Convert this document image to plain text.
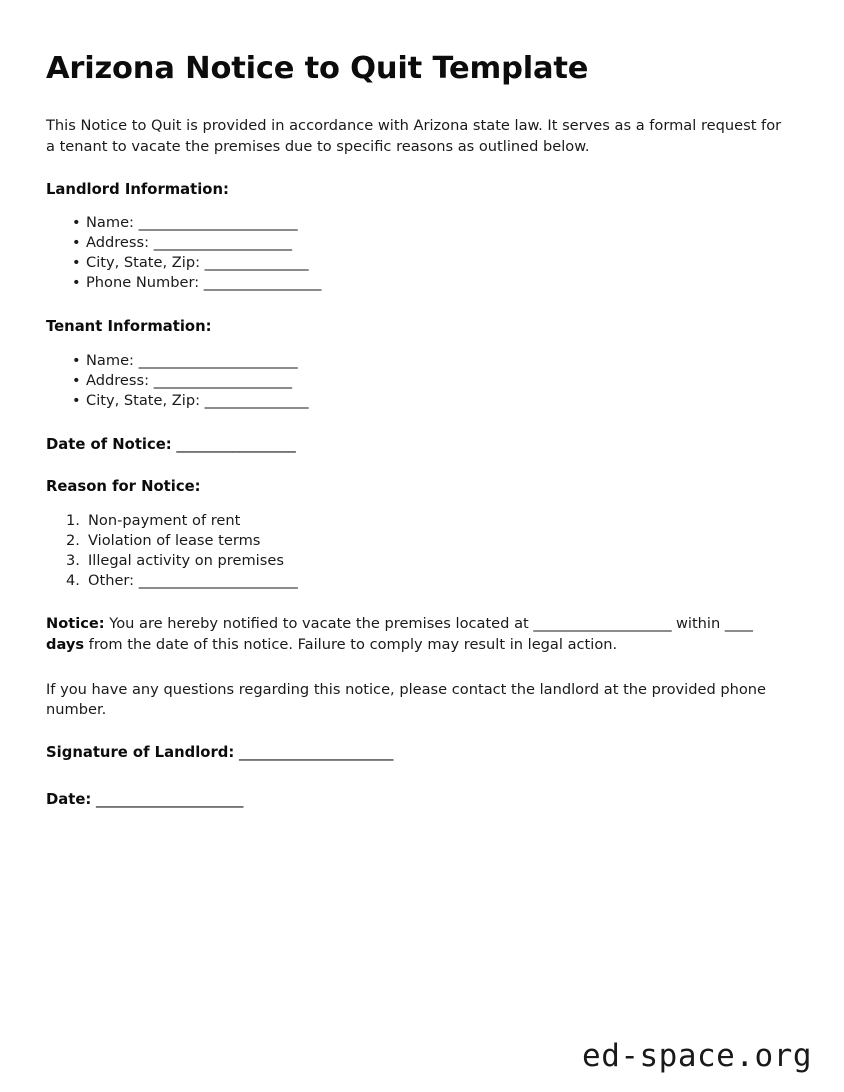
Arizona Notice to Quit Template

This Notice to Quit is provided in accordance with Arizona state law. It serves as a formal request for a tenant to vacate the premises due to specific reasons as outlined below.

Landlord Information:
• Name: _______________________
• Address: ____________________
• City, State, Zip: _______________
• Phone Number: _________________
Tenant Information:
• Name: _______________________
• Address: ____________________
• City, State, Zip: _______________

Date of Notice: _________________

Reason for Notice:
Non-payment of rent
Violation of lease terms
Illegal activity on premises
Other: _______________________

Notice: You are hereby notified to vacate the premises located at ____________________ within ____ days from the date of this notice. Failure to comply may result in legal action.

If you have any questions regarding this notice, please contact the landlord at the provided phone number.

Signature of Landlord: ______________________

Date: _____________________

ed-space.org
